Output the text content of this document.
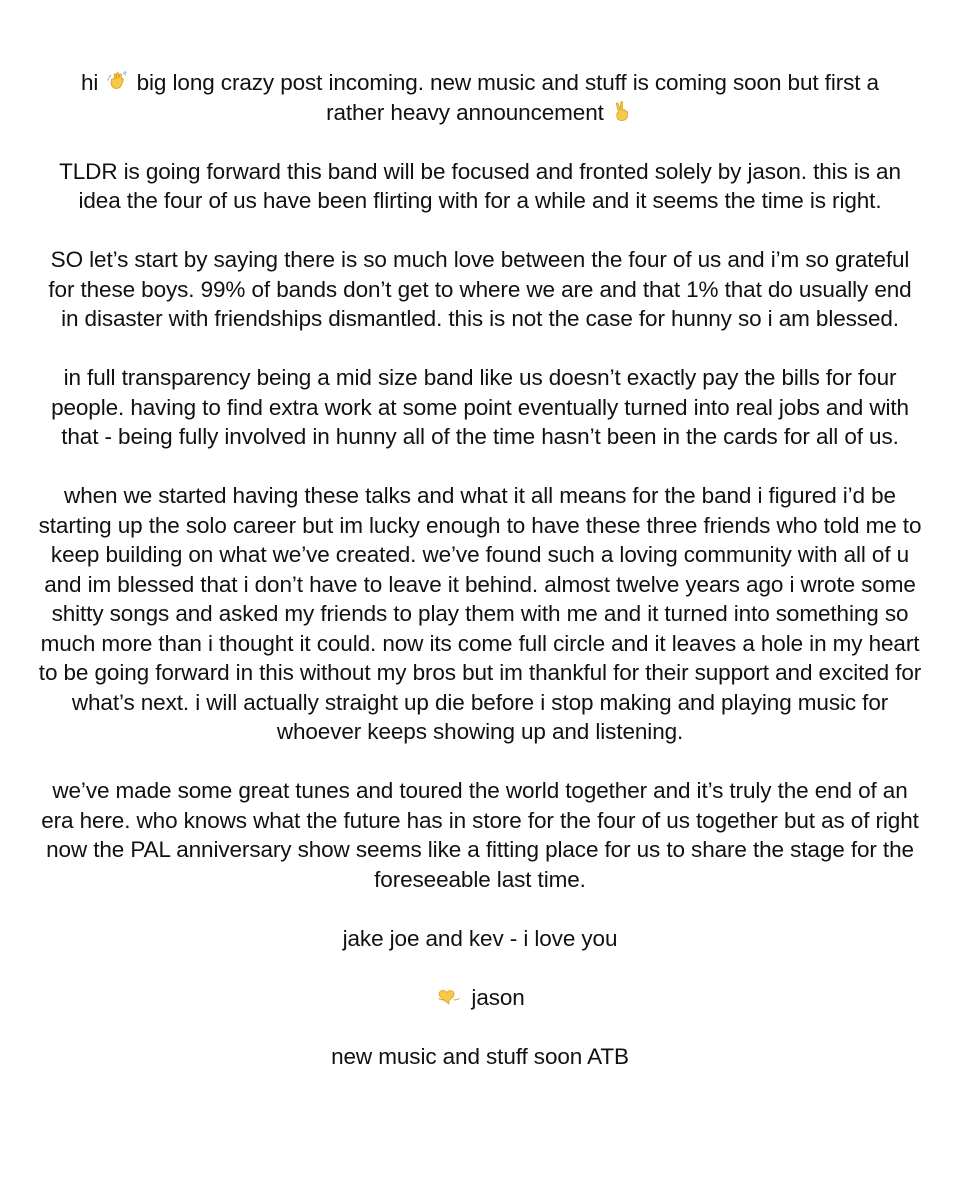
hi big long crazy post incoming. new music and stuff is coming soon but first a rather heavy announcement

TLDR is going forward this band will be focused and fronted solely by jason. this is an idea the four of us have been flirting with for a while and it seems the time is right.

SO let’s start by saying there is so much love between the four of us and i’m so grateful for these boys. 99% of bands don’t get to where we are and that 1% that do usually end in disaster with friendships dismantled. this is not the case for hunny so i am blessed.

in full transparency being a mid size band like us doesn’t exactly pay the bills for four people. having to find extra work at some point eventually turned into real jobs and with that - being fully involved in hunny all of the time hasn’t been in the cards for all of us.

when we started having these talks and what it all means for the band i figured i’d be starting up the solo career but im lucky enough to have these three friends who told me to keep building on what we’ve created. we’ve found such a loving community with all of u and im blessed that i don’t have to leave it behind. almost twelve years ago i wrote some shitty songs and asked my friends to play them with me and it turned into something so much more than i thought it could. now its come full circle and it leaves a hole in my heart to be going forward in this without my bros but im thankful for their support and excited for what’s next. i will actually straight up die before i stop making and playing music for whoever keeps showing up and listening.

we’ve made some great tunes and toured the world together and it’s truly the end of an era here. who knows what the future has in store for the four of us together but as of right now the PAL anniversary show seems like a fitting place for us to share the stage for the foreseeable last time.

jake joe and kev - i love you

jason

new music and stuff soon ATB
